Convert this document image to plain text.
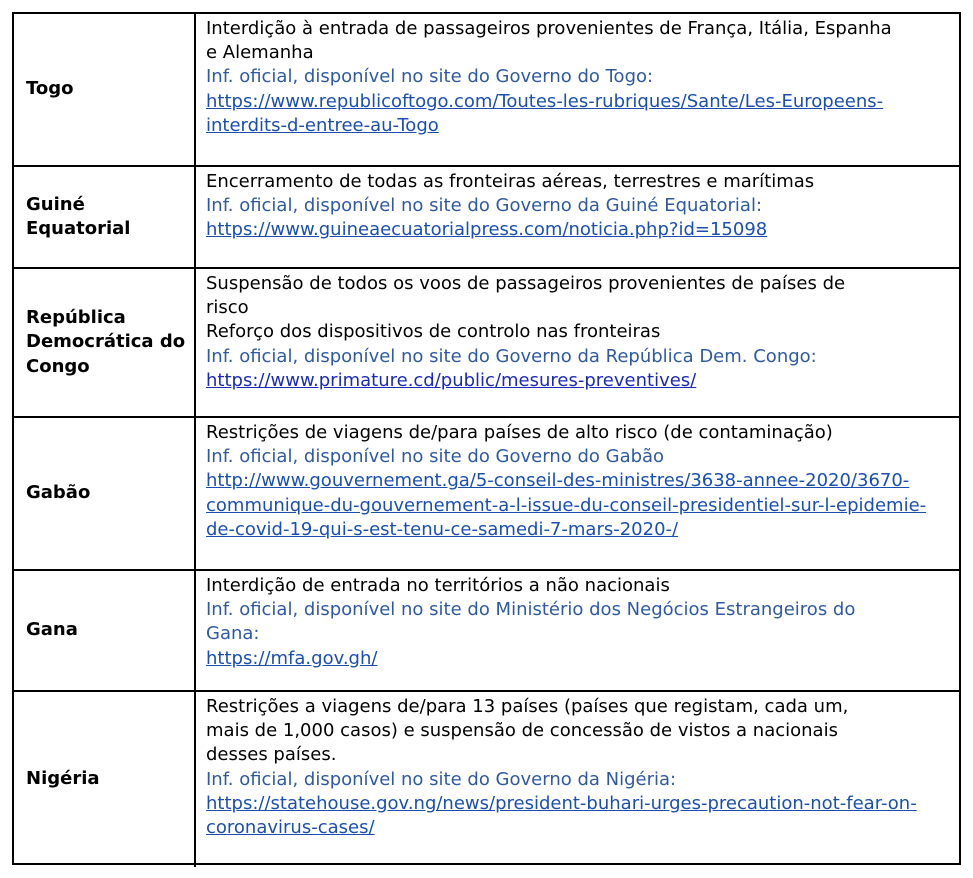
Togo
Interdição à entrada de passageiros provenientes de França, Itália, Espanha
e Alemanha
Inf. oficial, disponível no site do Governo do Togo:
https://www.republicoftogo.com/Toutes-les-rubriques/Sante/Les-Europeens-
interdits-d-entree-au-Togo
Guiné Equatorial
Encerramento de todas as fronteiras aéreas, terrestres e marítimas
Inf. oficial, disponível no site do Governo da Guiné Equatorial:
https://www.guineaecuatorialpress.com/noticia.php?id=15098
República Democrática do Congo
Suspensão de todos os voos de passageiros provenientes de países de
risco
Reforço dos dispositivos de controlo nas fronteiras
Inf. oficial, disponível no site do Governo da República Dem. Congo:
https://www.primature.cd/public/mesures-preventives/
Gabão
Restrições de viagens de/para países de alto risco (de contaminação)
Inf. oficial, disponível no site do Governo do Gabão
http://www.gouvernement.ga/5-conseil-des-ministres/3638-annee-2020/3670-
communique-du-gouvernement-a-l-issue-du-conseil-presidentiel-sur-l-epidemie-
de-covid-19-qui-s-est-tenu-ce-samedi-7-mars-2020-/
Gana
Interdição de entrada no territórios a não nacionais
Inf. oficial, disponível no site do Ministério dos Negócios Estrangeiros do
Gana:
https://mfa.gov.gh/
Nigéria
Restrições a viagens de/para 13 países (países que registam, cada um,
mais de 1,000 casos) e suspensão de concessão de vistos a nacionais
desses países.
Inf. oficial, disponível no site do Governo da Nigéria:
https://statehouse.gov.ng/news/president-buhari-urges-precaution-not-fear-on-
coronavirus-cases/
